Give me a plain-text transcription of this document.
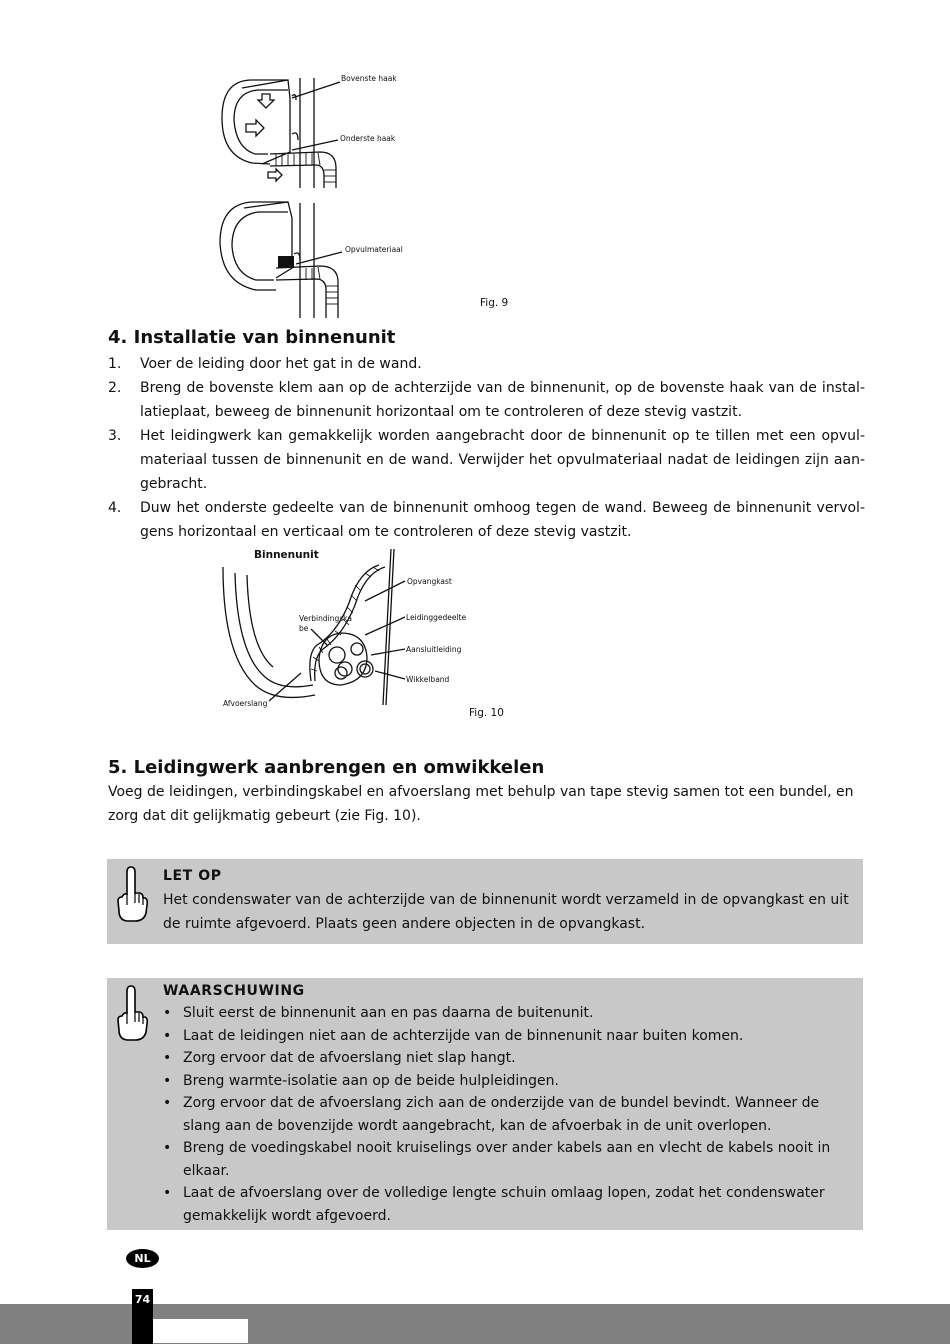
Bovenste haak
Onderste haak
Opvulmateriaal
Fig. 9
4. Installatie van binnenunit
1. Voer de leiding door het gat in de wand.
2. Breng de bovenste klem aan op de achterzijde van de binnenunit, op de bovenste haak van de instal-latieplaat, beweeg de binnenunit horizontaal om te controleren of deze stevig vastzit.
3. Het leidingwerk kan gemakkelijk worden aangebracht door de binnenunit op te tillen met een opvul-materiaal tussen de binnenunit en de wand. Verwijder het opvulmateriaal nadat de leidingen zijn aan-gebracht.
4. Duw het onderste gedeelte van de binnenunit omhoog tegen de wand. Beweeg de binnenunit vervol-gens horizontaal en verticaal om te controleren of deze stevig vastzit.
Binnenunit
Opvangkast
Verbindingska
be
Leidinggedeelte
Aansluitleiding
Wikkelband
Afvoerslang
Fig. 10
5. Leidingwerk aanbrengen en omwikkelen

Voeg de leidingen, verbindingskabel en afvoerslang met behulp van tape stevig samen tot een bundel, en zorg dat dit gelijkmatig gebeurt (zie Fig. 10).

LET OP
Het condenswater van de achterzijde van de binnenunit wordt verzameld in de opvangkast en uit de ruimte afgevoerd. Plaats geen andere objecten in de opvangkast.
WAARSCHUWING
• Sluit eerst de binnenunit aan en pas daarna de buitenunit.
• Laat de leidingen niet aan de achterzijde van de binnenunit naar buiten komen.
• Zorg ervoor dat de afvoerslang niet slap hangt.
• Breng warmte-isolatie aan op de beide hulpleidingen.
• Zorg ervoor dat de afvoerslang zich aan de onderzijde van de bundel bevindt. Wanneer de slang aan de bovenzijde wordt aangebracht, kan de afvoerbak in de unit overlopen.
• Breng de voedingskabel nooit kruiselings over ander kabels aan en vlecht de kabels nooit in elkaar.
• Laat de afvoerslang over de volledige lengte schuin omlaag lopen, zodat het condenswater gemakkelijk wordt afgevoerd.
NL
74
